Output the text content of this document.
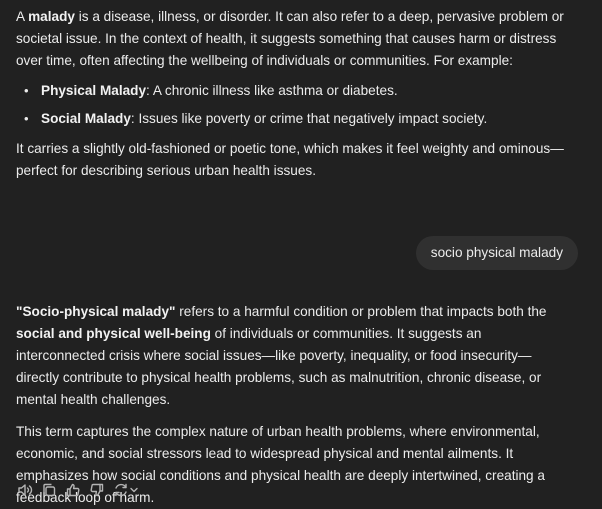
A malady is a disease, illness, or disorder. It can also refer to a deep, pervasive problem or societal issue. In the context of health, it suggests something that causes harm or distress over time, often affecting the wellbeing of individuals or communities. For example:

• Physical Malady: A chronic illness like asthma or diabetes.
• Social Malady: Issues like poverty or crime that negatively impact society.

It carries a slightly old-fashioned or poetic tone, which makes it feel weighty and ominous—perfect for describing serious urban health issues.

socio physical malady

"Socio-physical malady" refers to a harmful condition or problem that impacts both the social and physical well-being of individuals or communities. It suggests an interconnected crisis where social issues—like poverty, inequality, or food insecurity—directly contribute to physical health problems, such as malnutrition, chronic disease, or mental health challenges.

This term captures the complex nature of urban health problems, where environmental, economic, and social stressors lead to widespread physical and mental ailments. It emphasizes how social conditions and physical health are deeply intertwined, creating a feedback loop of harm.
